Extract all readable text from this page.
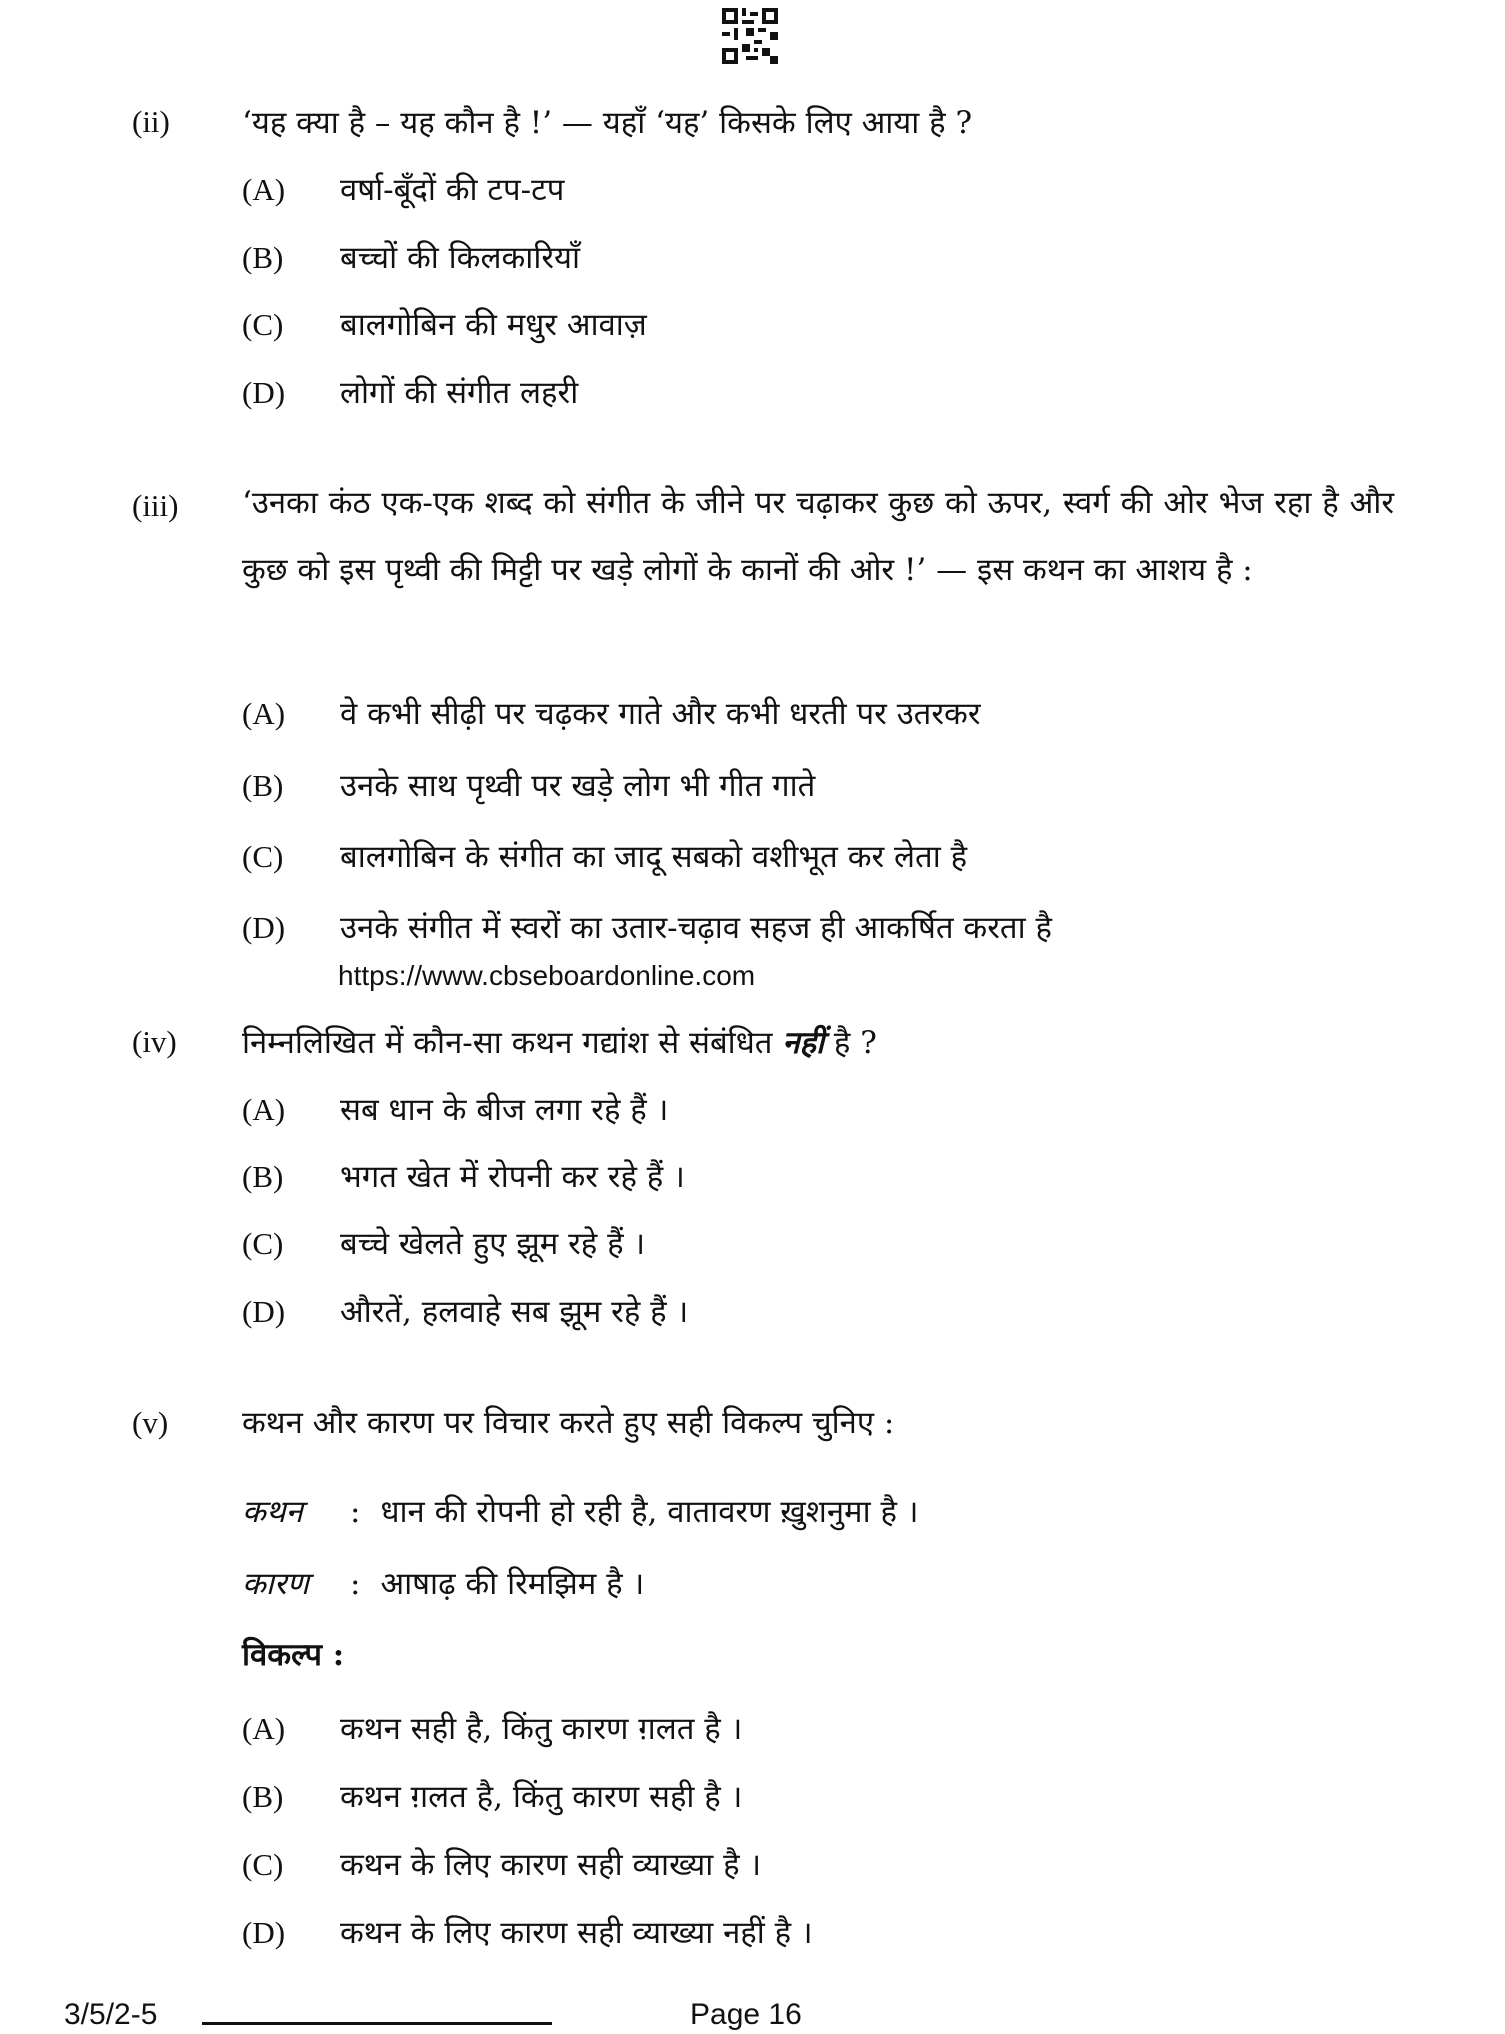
(ii) ‘यह क्या है – यह कौन है !’ — यहाँ ‘यह’ किसके लिए आया है ?
(A) वर्षा-बूँदों की टप-टप
(B) बच्चों की किलकारियाँ
(C) बालगोबिन की मधुर आवाज़
(D) लोगों की संगीत लहरी
(iii) ‘उनका कंठ एक-एक शब्द को संगीत के जीने पर चढ़ाकर कुछ को ऊपर, स्वर्ग की ओर भेज रहा है और कुछ को इस पृथ्वी की मिट्टी पर खड़े लोगों के कानों की ओर !’ — इस कथन का आशय है :
(A) वे कभी सीढ़ी पर चढ़कर गाते और कभी धरती पर उतरकर
(B) उनके साथ पृथ्वी पर खड़े लोग भी गीत गाते
(C) बालगोबिन के संगीत का जादू सबको वशीभूत कर लेता है
(D) उनके संगीत में स्वरों का उतार-चढ़ाव सहज ही आकर्षित करता है
https://www.cbseboardonline.com
(iv) निम्नलिखित में कौन-सा कथन गद्यांश से संबंधित नहीं है ?
(A) सब धान के बीज लगा रहे हैं ।
(B) भगत खेत में रोपनी कर रहे हैं ।
(C) बच्चे खेलते हुए झूम रहे हैं ।
(D) औरतें, हलवाहे सब झूम रहे हैं ।
(v) कथन और कारण पर विचार करते हुए सही विकल्प चुनिए :
कथन : धान की रोपनी हो रही है, वातावरण ख़ुशनुमा है ।
कारण : आषाढ़ की रिमझिम है ।
विकल्प :
(A) कथन सही है, किंतु कारण ग़लत है ।
(B) कथन ग़लत है, किंतु कारण सही है ।
(C) कथन के लिए कारण सही व्याख्या है ।
(D) कथन के लिए कारण सही व्याख्या नहीं है ।
3/5/2-5	Page 16
